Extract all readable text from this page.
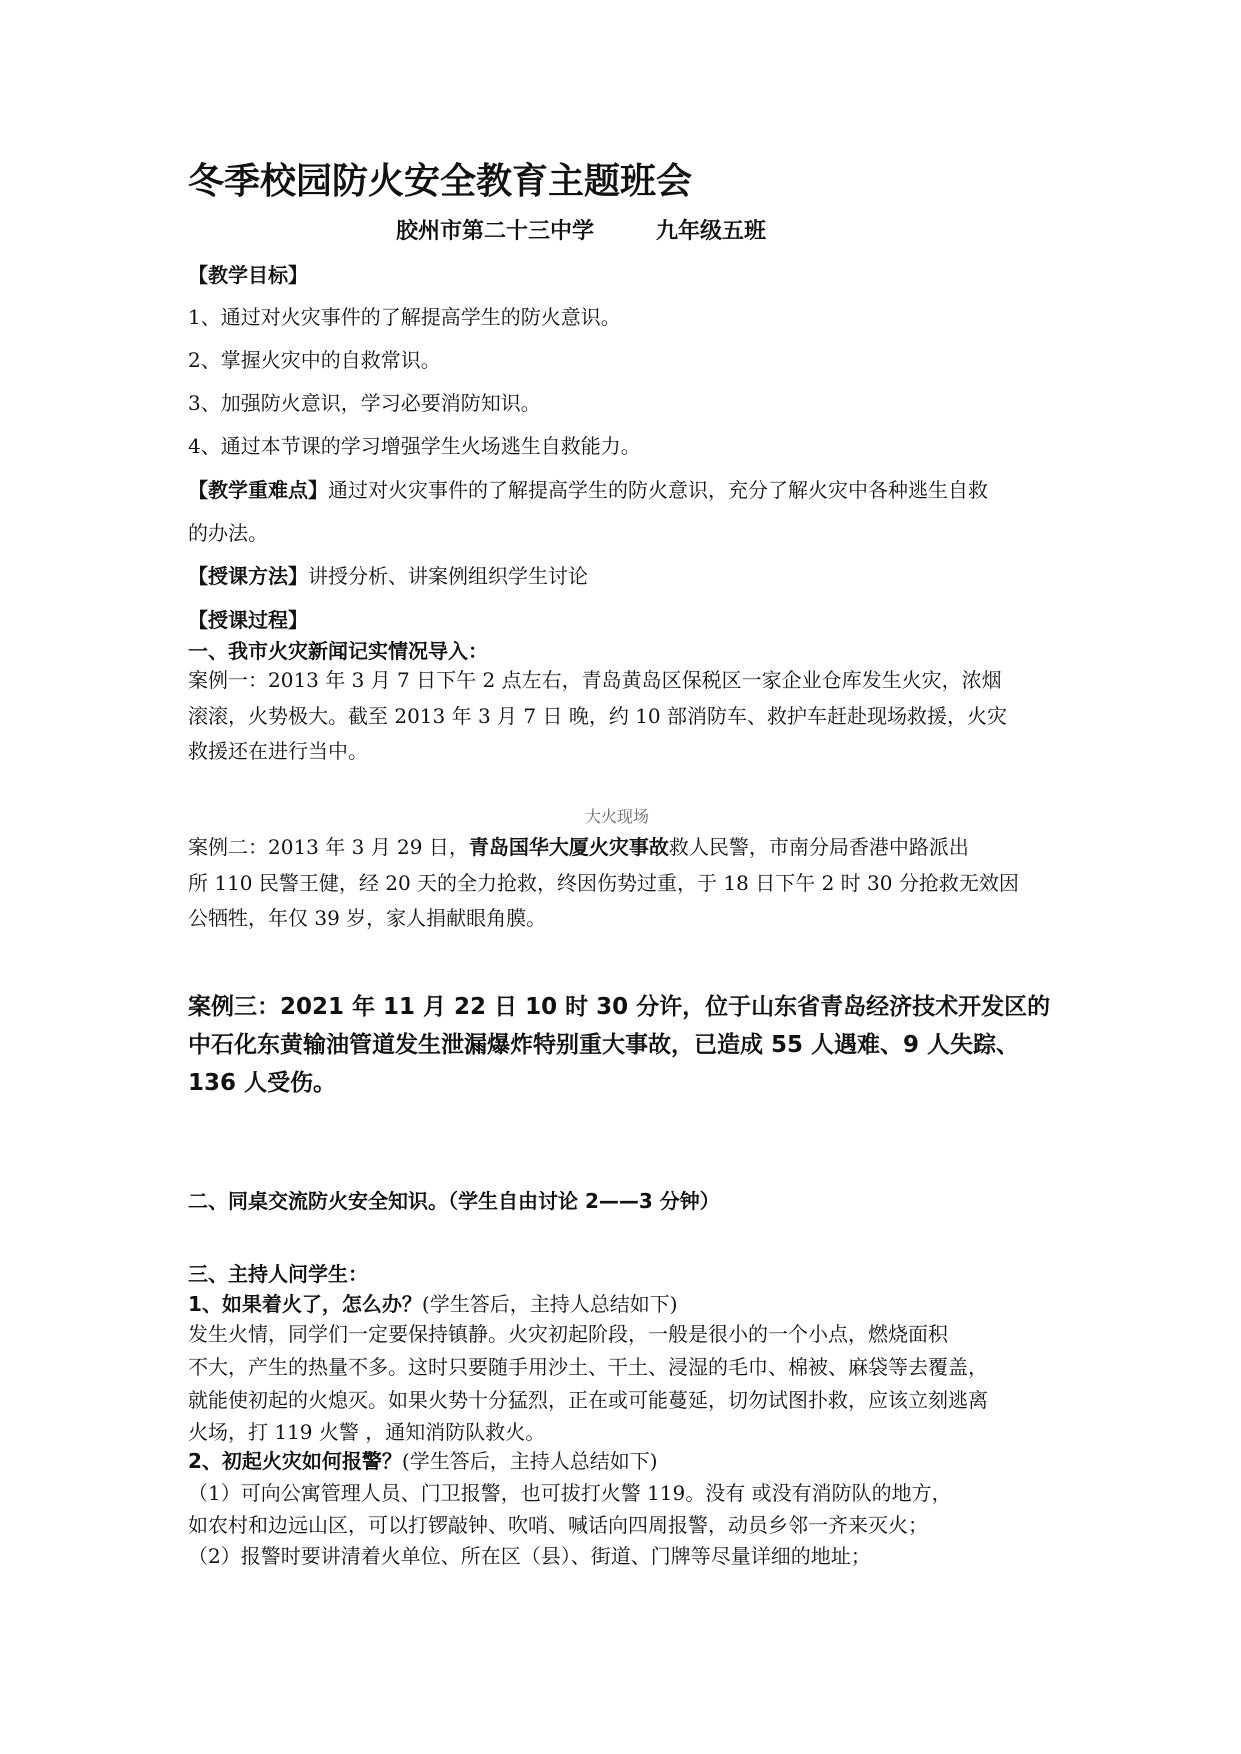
冬季校园防火安全教育主题班会
胶州市第二十三中学	九年级五班
【教学目标】
1、通过对火灾事件的了解提高学生的防火意识。
2、掌握火灾中的自救常识。
3、加强防火意识，学习必要消防知识。
4、通过本节课的学习增强学生火场逃生自救能力。
【教学重难点】通过对火灾事件的了解提高学生的防火意识，充分了解火灾中各种逃生自救
的办法。
【授课方法】讲授分析、讲案例组织学生讨论
【授课过程】
一、我市火灾新闻记实情况导入：
案例一：2013 年 3 月 7 日下午 2 点左右，青岛黄岛区保税区一家企业仓库发生火灾，浓烟
滚滚，火势极大。截至 2013 年 3 月 7 日 晚，约 10 部消防车、救护车赶赴现场救援，火灾
救援还在进行当中。
大火现场
案例二：2013 年 3 月 29 日，青岛国华大厦火灾事故救人民警，市南分局香港中路派出
所 110 民警王健，经 20 天的全力抢救，终因伤势过重，于 18 日下午 2 时 30 分抢救无效因
公牺牲，年仅 39 岁，家人捐献眼角膜。
案例三：2021 年 11 月 22 日 10 时 30 分许，位于山东省青岛经济技术开发区的
中石化东黄输油管道发生泄漏爆炸特别重大事故，已造成 55 人遇难、9 人失踪、
136 人受伤。
二、同桌交流防火安全知识。（学生自由讨论 2——3 分钟）
三、主持人问学生：
1、如果着火了，怎么办？(学生答后，主持人总结如下)
发生火情，同学们一定要保持镇静。火灾初起阶段，一般是很小的一个小点，燃烧面积
不大，产生的热量不多。这时只要随手用沙土、干土、浸湿的毛巾、棉被、麻袋等去覆盖，
就能使初起的火熄灭。如果火势十分猛烈，正在或可能蔓延，切勿试图扑救，应该立刻逃离
火场，打 119 火警 ，通知消防队救火。
2、初起火灾如何报警？(学生答后，主持人总结如下)
（1）可向公寓管理人员、门卫报警，也可拔打火警 119。没有 或没有消防队的地方，
如农村和边远山区，可以打锣敲钟、吹哨、喊话向四周报警，动员乡邻一齐来灭火；
（2）报警时要讲清着火单位、所在区（县）、街道、门牌等尽量详细的地址；
